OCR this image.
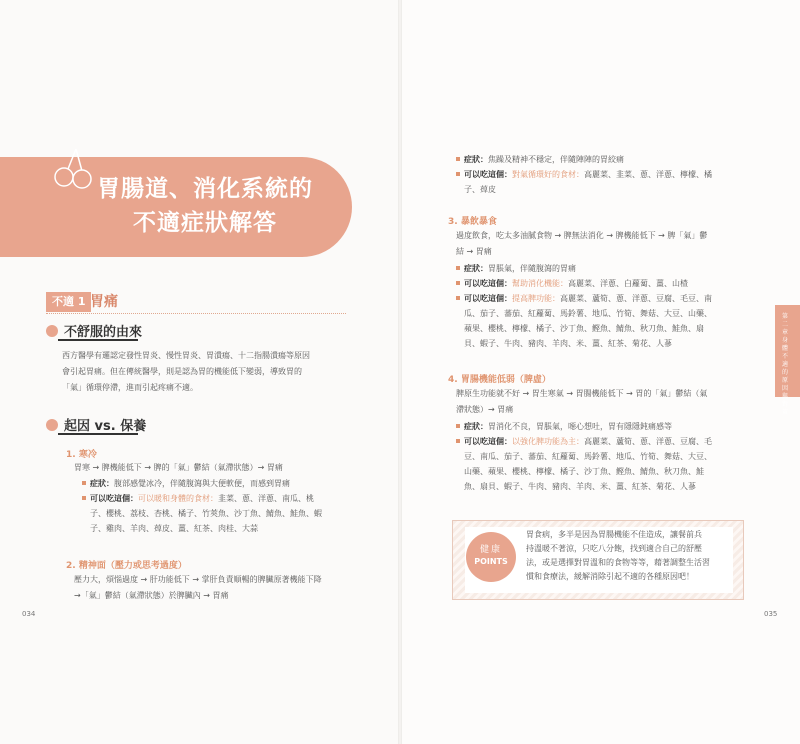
胃腸道、消化系統的
不適症狀解答
不適 1 胃痛
不舒服的由來
西方醫學有邏認定發性胃炎、慢性胃炎、胃潰瘍、十二指腸潰瘍等原因
會引起胃痛。但在傳統醫學，則是認為胃的機能低下變弱，導致胃的
「氣」循環停滯，進而引起疼痛不適。
起因 vs. 保養
1. 寒冷
胃寒 → 脾機能低下 → 脾的「氣」鬱結（氣滯狀態）→ 胃痛
症狀：腹部感覺冰冷，伴隨腹瀉與大便軟便，而感到胃痛
可以吃這個：可以暖和身體的食材：韭菜、蔥、洋蔥、南瓜、桃
子、櫻桃、荔枝、杏桃、橘子、竹莢魚、沙丁魚、鯖魚、鮭魚、蝦
子、雞肉、羊肉、蔊皮、薑、紅茶、肉桂、大蒜
2. 精神面（壓力或思考過度）
壓力大，煩惱過度 → 肝功能低下 → 掌肝負責順暢的脾臟原著機能下降
→「氣」鬱結（氣滯狀態）於脾臟內 → 胃痛
034
症狀：焦躁及精神不穩定，伴隨陣陣的胃絞痛
可以吃這個：對氣循環好的食材：高麗菜、韭菜、蔥、洋蔥、檸檬、橘
子、蔊皮
3. 暴飲暴食
過度飲食，吃太多油膩食物 → 脾無法消化 → 脾機能低下 → 脾「氣」鬱
結 → 胃痛
症狀：胃脹氣，伴隨腹瀉的胃痛
可以吃這個：幫助消化機能：高麗菜、洋蔥、白蘿蔔、薑、山楂
可以吃這個：提高脾功能：高麗菜、蘆筍、蔥、洋蔥、豆腐、毛豆、南
瓜、茄子、蕃茄、紅蘿蔔、馬鈴薯、地瓜、竹筍、舞菇、大豆、山藥、
蘋果、櫻桃、檸檬、橘子、沙丁魚、鰹魚、鯖魚、秋刀魚、鮭魚、扇
貝、蝦子、牛肉、豬肉、羊肉、米、薑、紅茶、菊花、人蔘
4. 胃腸機能低弱（脾虛）
脾原生功能就不好 → 胃生寒氣 → 胃腸機能低下 → 胃的「氣」鬱結（氣
滯狀態）→ 胃痛
症狀：胃消化不良，胃脹氣，噁心想吐，胃有隱隱鈍痛感等
可以吃這個：以強化脾功能為主：高麗菜、蘆筍、蔥、洋蔥、豆腐、毛
豆、南瓜、茄子、蕃茄、紅蘿蔔、馬鈴薯、地瓜、竹筍、舞菇、大豆、
山藥、蘋果、櫻桃、檸檬、橘子、沙丁魚、鰹魚、鯖魚、秋刀魚、鮭
魚、扇貝、蝦子、牛肉、豬肉、羊肉、米、薑、紅茶、菊花、人蔘
健康
POINTS
胃食病，多半是因為胃腸機能不佳造成，讓餐前兵
持溫暖不著涼，只吃八分飽，找到適合自己的舒壓
法，或是選擇對胃溫和的食物等等，藉著調整生活習
慣和食療法，緩解消除引起不適的各種原因吧！
第二章 身體不適的原因與對策
035
